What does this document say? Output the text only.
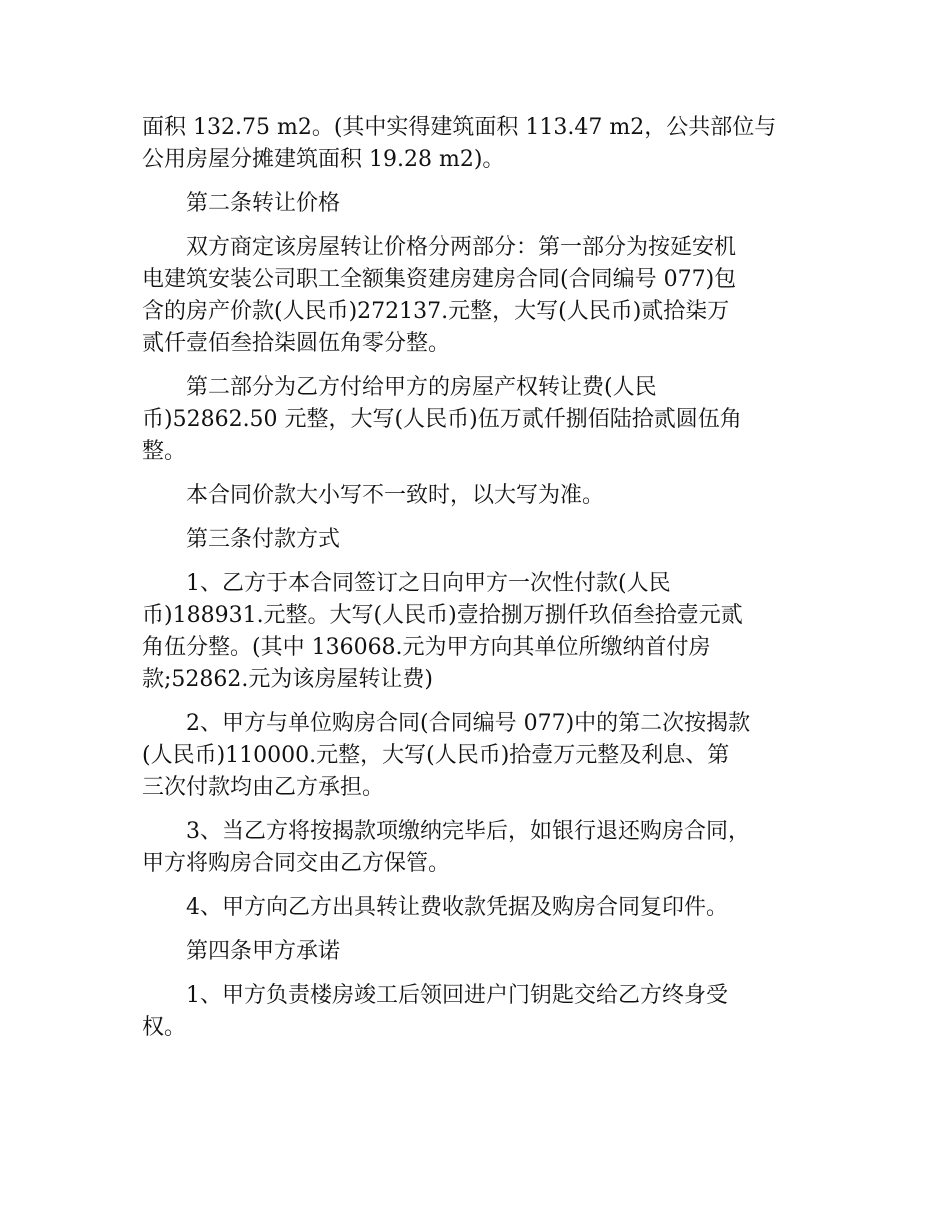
面积 132.75 m2。(其中实得建筑面积 113.47 m2，公共部位与
公用房屋分摊建筑面积 19.28 m2)。

　　第二条转让价格

　　双方商定该房屋转让价格分两部分：第一部分为按延安机
电建筑安装公司职工全额集资建房建房合同(合同编号 077)包
含的房产价款(人民币)272137.元整，大写(人民币)贰拾柒万
贰仟壹佰叁拾柒圆伍角零分整。

　　第二部分为乙方付给甲方的房屋产权转让费(人民
币)52862.50 元整，大写(人民币)伍万贰仟捌佰陆拾贰圆伍角
整。

　　本合同价款大小写不一致时，以大写为准。

　　第三条付款方式

　　1、乙方于本合同签订之日向甲方一次性付款(人民
币)188931.元整。大写(人民币)壹拾捌万捌仟玖佰叁拾壹元贰
角伍分整。(其中 136068.元为甲方向其单位所缴纳首付房
款;52862.元为该房屋转让费)

　　2、甲方与单位购房合同(合同编号 077)中的第二次按揭款
(人民币)110000.元整，大写(人民币)拾壹万元整及利息、第
三次付款均由乙方承担。

　　3、当乙方将按揭款项缴纳完毕后，如银行退还购房合同，
甲方将购房合同交由乙方保管。

　　4、甲方向乙方出具转让费收款凭据及购房合同复印件。

　　第四条甲方承诺

　　1、甲方负责楼房竣工后领回进户门钥匙交给乙方终身受
权。
